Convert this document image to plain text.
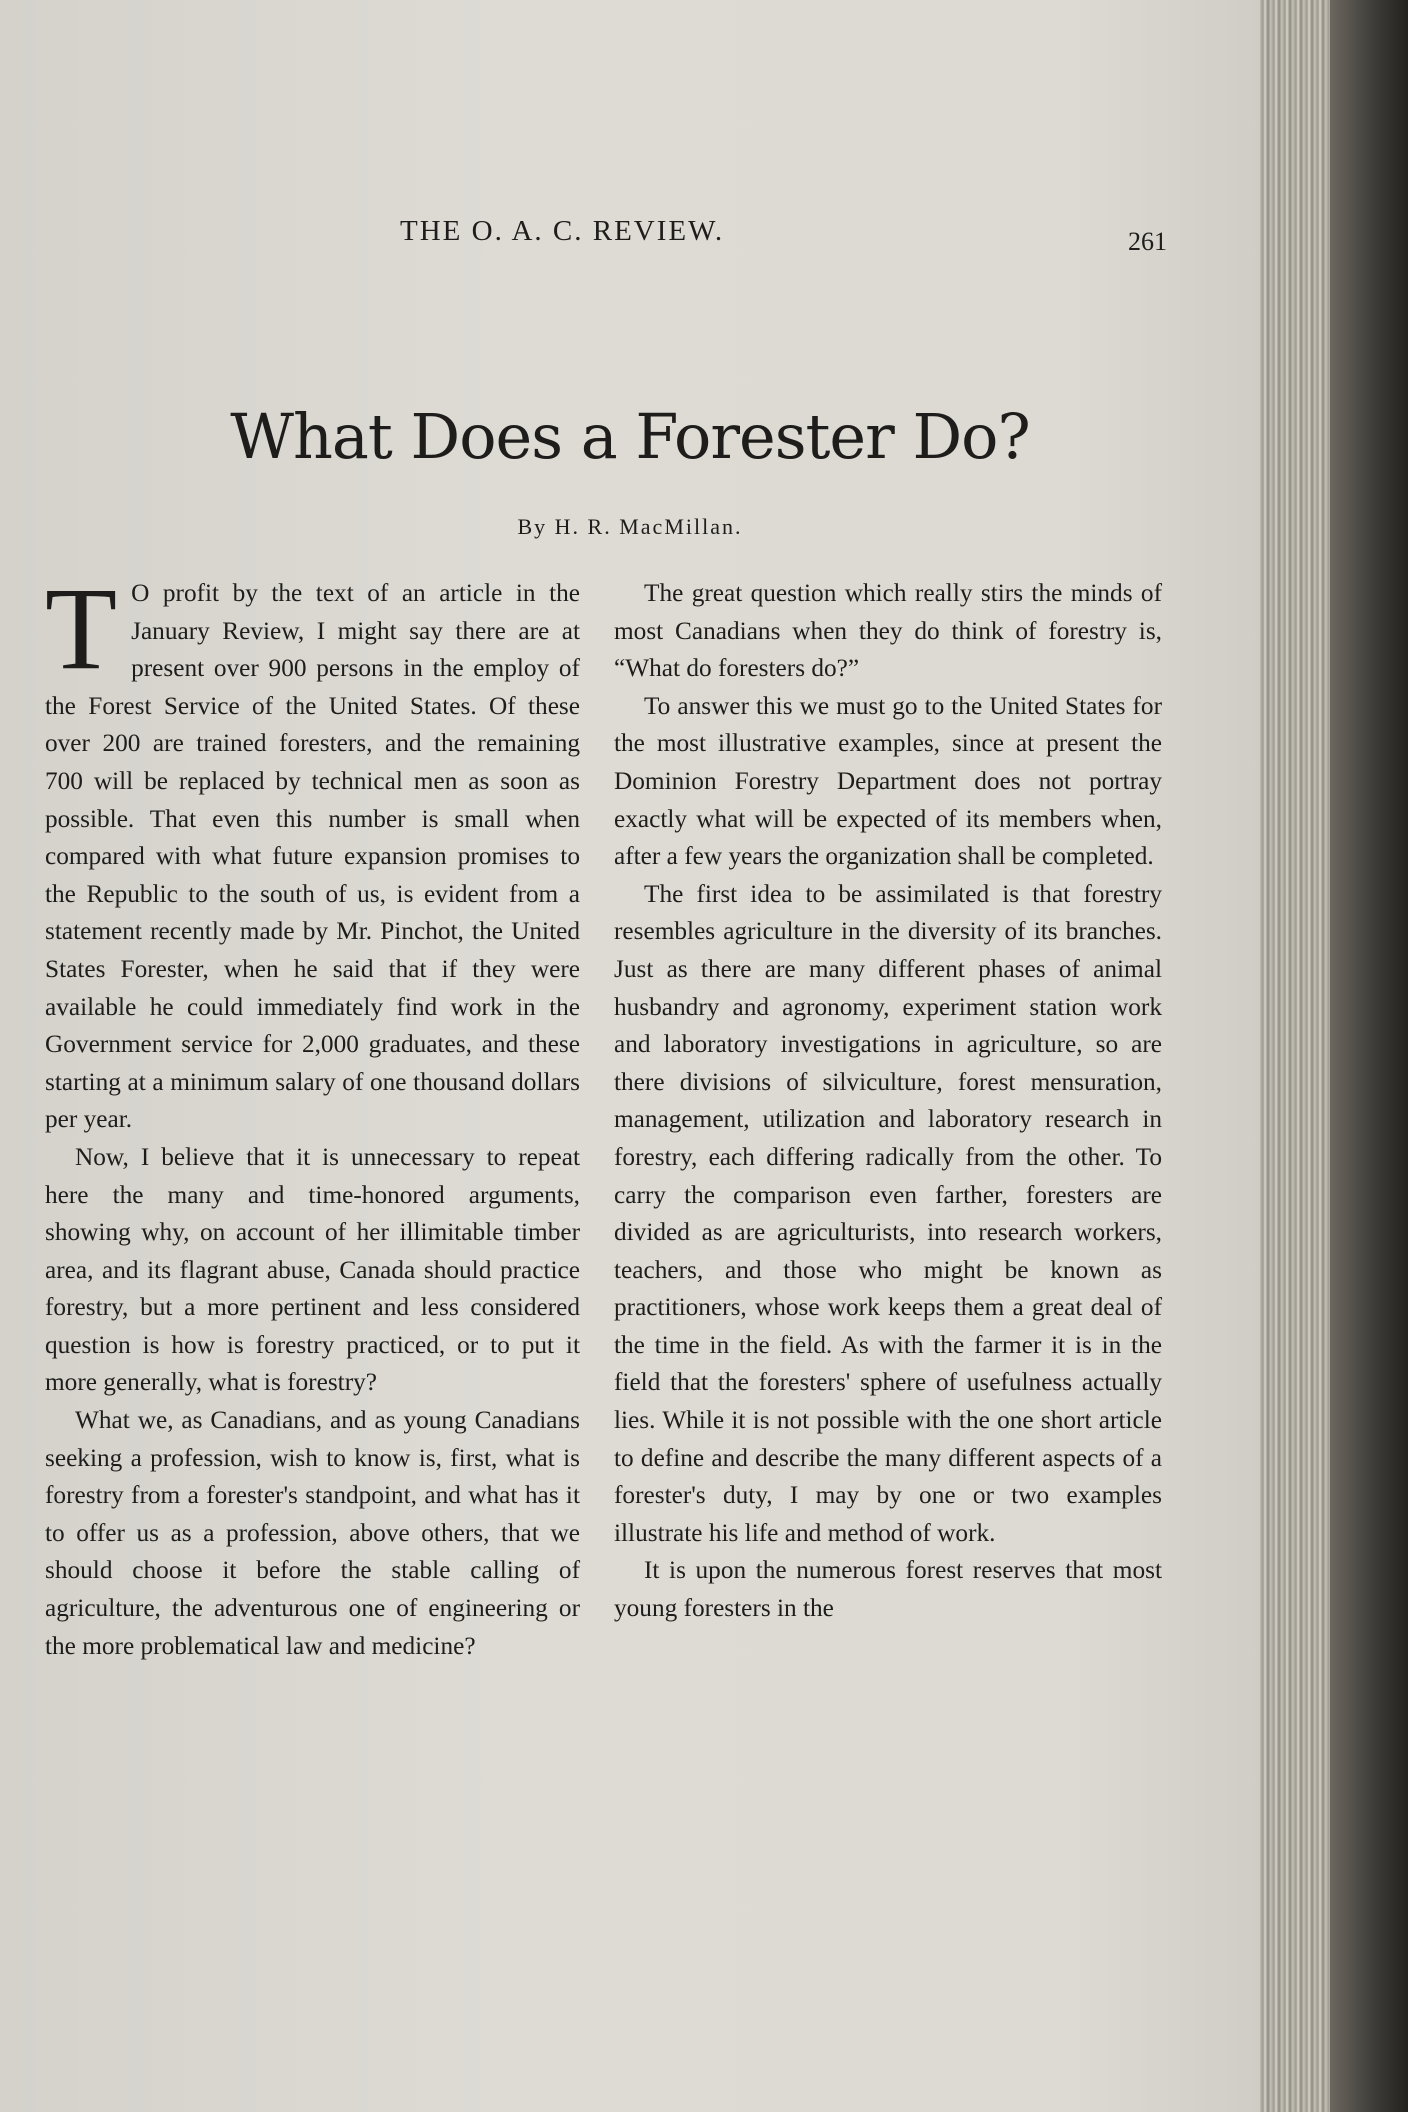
THE O. A. C. REVIEW.	261
What Does a Forester Do?
By H. R. MacMillan.

T O profit by the text of an article in the January Review, I might say there are at present over 900 persons in the employ of the Forest Service of the United States. Of these over 200 are trained foresters, and the remaining 700 will be replaced by technical men as soon as possible. That even this number is small when compared with what future expansion promises to the Republic to the south of us, is evident from a statement recently made by Mr. Pinchot, the United States Forester, when he said that if they were available he could immediately find work in the Government service for 2,000 graduates, and these starting at a minimum salary of one thousand dollars per year.

Now, I believe that it is unnecessary to repeat here the many and time-honored arguments, showing why, on account of her illimitable timber area, and its flagrant abuse, Canada should practice forestry, but a more pertinent and less considered question is how is forestry practiced, or to put it more generally, what is forestry?

What we, as Canadians, and as young Canadians seeking a profession, wish to know is, first, what is forestry from a forester's standpoint, and what has it to offer us as a profession, above others, that we should choose it before the stable calling of agriculture, the adventurous one of engineering or the more problematical law and medicine?

The great question which really stirs the minds of most Canadians when they do think of forestry is, “What do foresters do?”

To answer this we must go to the United States for the most illustrative examples, since at present the Dominion Forestry Department does not portray exactly what will be expected of its members when, after a few years the organization shall be completed.

The first idea to be assimilated is that forestry resembles agriculture in the diversity of its branches. Just as there are many different phases of animal husbandry and agronomy, experiment station work and laboratory investigations in agriculture, so are there divisions of silviculture, forest mensuration, management, utilization and laboratory research in forestry, each differing radically from the other. To carry the comparison even farther, foresters are divided as are agriculturists, into research workers, teachers, and those who might be known as practitioners, whose work keeps them a great deal of the time in the field. As with the farmer it is in the field that the foresters' sphere of usefulness actually lies. While it is not possible with the one short article to define and describe the many different aspects of a forester's duty, I may by one or two examples illustrate his life and method of work.

It is upon the numerous forest reserves that most young foresters in the
